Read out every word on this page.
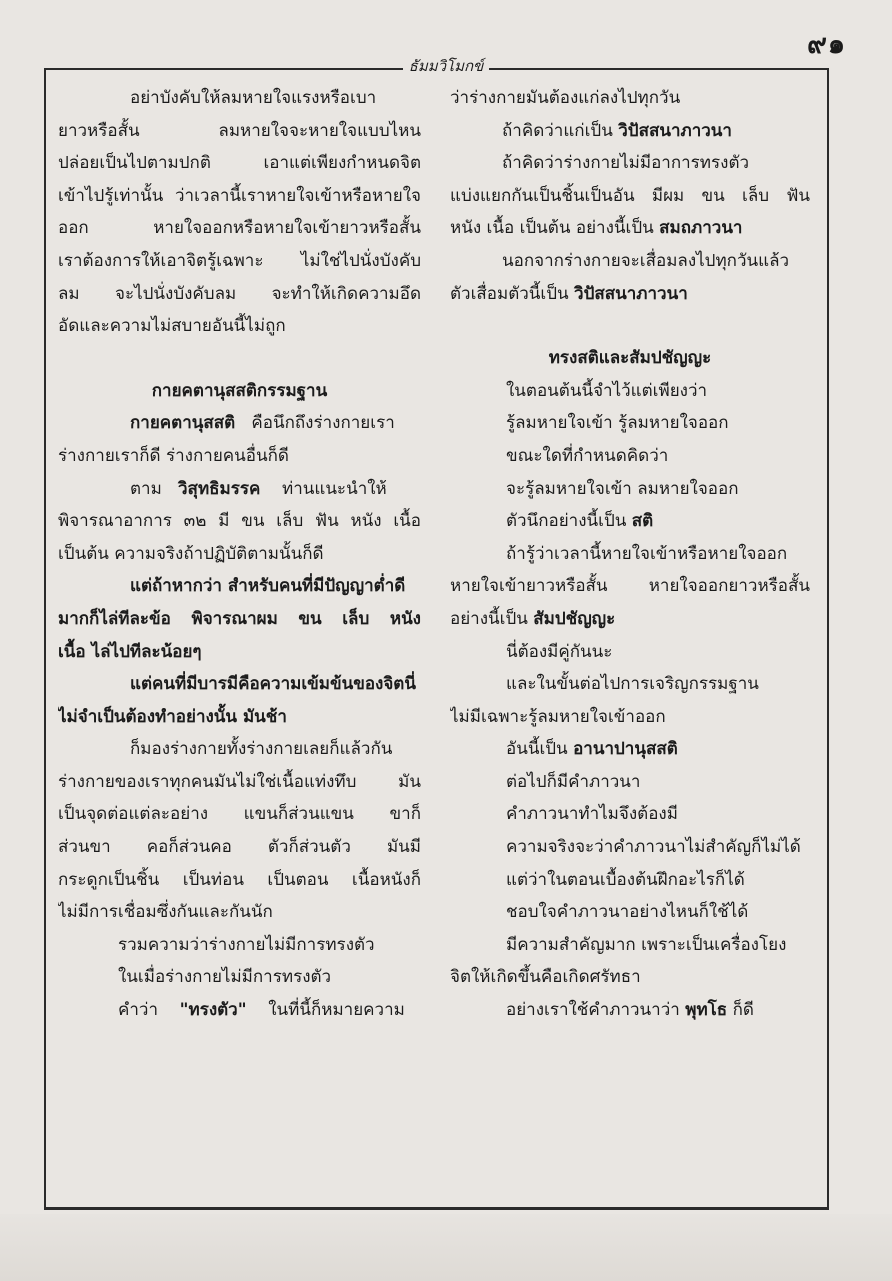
๙๑
ธัมมวิโมกข์
อย่าบังคับให้ลมหายใจแรงหรือเบา
ยาวหรือสั้น ลมหายใจจะหายใจแบบไหน
ปล่อยเป็นไปตามปกติ เอาแต่เพียงกำหนดจิต
เข้าไปรู้เท่านั้น ว่าเวลานี้เราหายใจเข้าหรือหายใจ
ออก หายใจออกหรือหายใจเข้ายาวหรือสั้น
เราต้องการให้เอาจิตรู้เฉพาะ ไม่ใช่ไปนั่งบังคับ
ลม จะไปนั่งบังคับลม จะทำให้เกิดความอึด
อัดและความไม่สบายอันนี้ไม่ถูก
กายคตานุสสติกรรมฐาน
กายคตานุสสติ คือนึกถึงร่างกายเรา
ร่างกายเราก็ดี ร่างกายคนอื่นก็ดี
ตาม วิสุทธิมรรค ท่านแนะนำให้
พิจารณาอาการ ๓๒ มี ขน เล็บ ฟัน หนัง เนื้อ
เป็นต้น ความจริงถ้าปฏิบัติตามนั้นก็ดี
แต่ถ้าหากว่า สำหรับคนที่มีปัญญาต่ำดี
มากก็ไล่ทีละข้อ พิจารณาผม ขน เล็บ หนัง
เนื้อ ไล่ไปทีละน้อยๆ
แต่คนที่มีบารมีคือความเข้มข้นของจิตนี่
ไม่จำเป็นต้องทำอย่างนั้น มันช้า
ก็มองร่างกายทั้งร่างกายเลยก็แล้วกัน
ร่างกายของเราทุกคนมันไม่ใช่เนื้อแท่งทึบ มัน
เป็นจุดต่อแต่ละอย่าง แขนก็ส่วนแขน ขาก็
ส่วนขา คอก็ส่วนคอ ตัวก็ส่วนตัว มันมี
กระดูกเป็นชิ้น เป็นท่อน เป็นตอน เนื้อหนังก็
ไม่มีการเชื่อมซึ่งกันและกันนัก
รวมความว่าร่างกายไม่มีการทรงตัว
ในเมื่อร่างกายไม่มีการทรงตัว
คำว่า "ทรงตัว" ในที่นี้ก็หมายความ
ว่าร่างกายมันต้องแก่ลงไปทุกวัน
ถ้าคิดว่าแก่เป็น วิปัสสนาภาวนา
ถ้าคิดว่าร่างกายไม่มีอาการทรงตัว
แบ่งแยกกันเป็นชิ้นเป็นอัน มีผม ขน เล็บ ฟัน
หนัง เนื้อ เป็นต้น อย่างนี้เป็น สมถภาวนา
นอกจากร่างกายจะเสื่อมลงไปทุกวันแล้ว
ตัวเสื่อมตัวนี้เป็น วิปัสสนาภาวนา
ทรงสติและสัมปชัญญะ
ในตอนต้นนี้จำไว้แต่เพียงว่า
รู้ลมหายใจเข้า รู้ลมหายใจออก
ขณะใดที่กำหนดคิดว่า
จะรู้ลมหายใจเข้า ลมหายใจออก
ตัวนึกอย่างนี้เป็น สติ
ถ้ารู้ว่าเวลานี้หายใจเข้าหรือหายใจออก
หายใจเข้ายาวหรือสั้น หายใจออกยาวหรือสั้น
อย่างนี้เป็น สัมปชัญญะ
นี่ต้องมีคู่กันนะ
และในขั้นต่อไปการเจริญกรรมฐาน
ไม่มีเฉพาะรู้ลมหายใจเข้าออก
อันนี้เป็น อานาปานุสสติ
ต่อไปก็มีคำภาวนา
คำภาวนาทำไมจึงต้องมี
ความจริงจะว่าคำภาวนาไม่สำคัญก็ไม่ได้
แต่ว่าในตอนเบื้องต้นฝึกอะไรก็ได้
ชอบใจคำภาวนาอย่างไหนก็ใช้ได้
มีความสำคัญมาก เพราะเป็นเครื่องโยง
จิตให้เกิดขึ้นคือเกิดศรัทธา
อย่างเราใช้คำภาวนาว่า พุทโธ ก็ดี
